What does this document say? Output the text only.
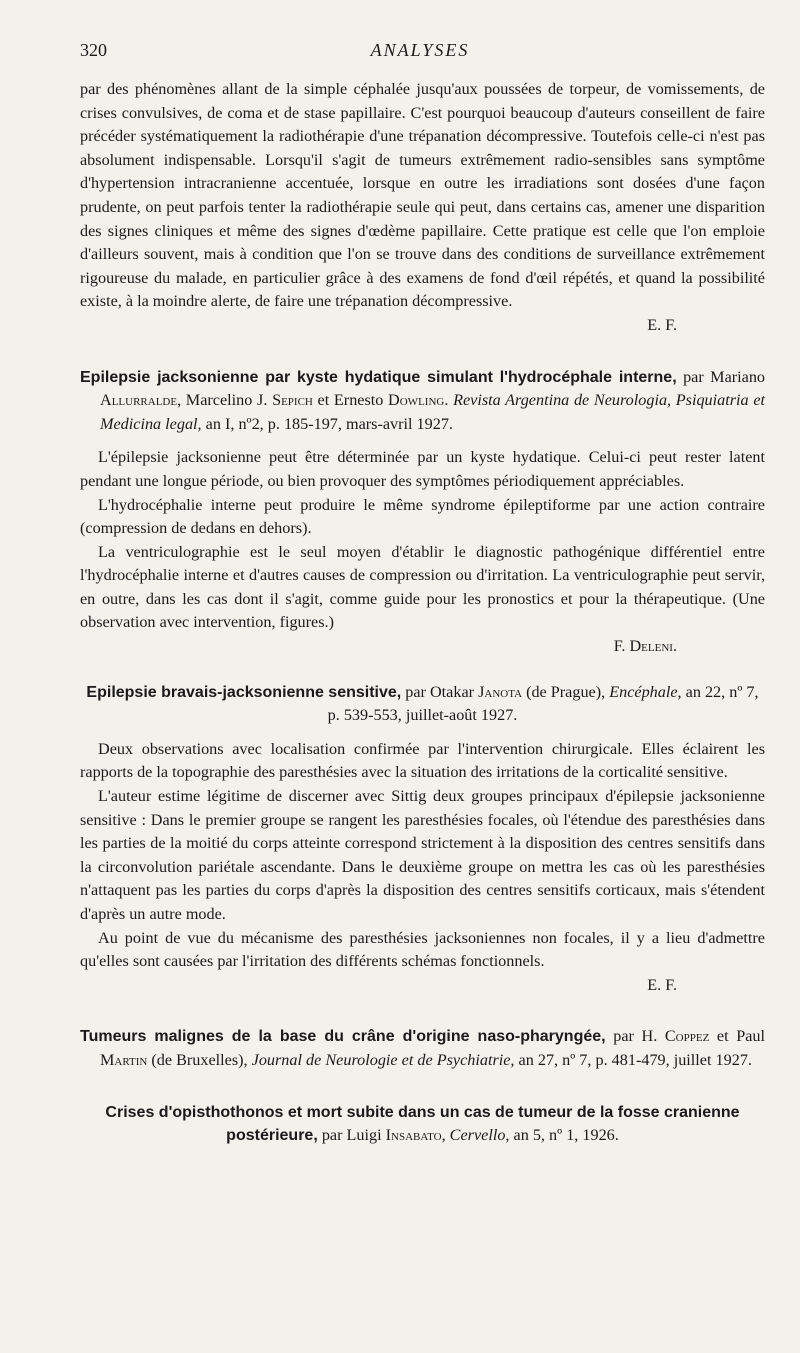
320	ANALYSES

par des phénomènes allant de la simple céphalée jusqu'aux poussées de torpeur, de vomissements, de crises convulsives, de coma et de stase papillaire. C'est pourquoi beaucoup d'auteurs conseillent de faire précéder systématiquement la radiothérapie d'une trépanation décompressive. Toutefois celle-ci n'est pas absolument indispensable. Lorsqu'il s'agit de tumeurs extrêmement radio-sensibles sans symptôme d'hypertension intracranienne accentuée, lorsque en outre les irradiations sont dosées d'une façon prudente, on peut parfois tenter la radiothérapie seule qui peut, dans certains cas, amener une disparition des signes cliniques et même des signes d'œdème papillaire. Cette pratique est celle que l'on emploie d'ailleurs souvent, mais à condition que l'on se trouve dans des conditions de surveillance extrêmement rigoureuse du malade, en particulier grâce à des examens de fond d'œil répétés, et quand la possibilité existe, à la moindre alerte, de faire une trépanation décompressive.

E. F.

Epilepsie jacksonienne par kyste hydatique simulant l'hydrocéphale interne, par Mariano Allurralde, Marcelino J. Sepich et Ernesto Dowling. Revista Argentina de Neurologia, Psiquiatria et Medicina legal, an I, nº2, p. 185-197, mars-avril 1927.

L'épilepsie jacksonienne peut être déterminée par un kyste hydatique. Celui-ci peut rester latent pendant une longue période, ou bien provoquer des symptômes périodiquement appréciables.

L'hydrocéphalie interne peut produire le même syndrome épileptiforme par une action contraire (compression de dedans en dehors).

La ventriculographie est le seul moyen d'établir le diagnostic pathogénique différentiel entre l'hydrocéphalie interne et d'autres causes de compression ou d'irritation. La ventriculographie peut servir, en outre, dans les cas dont il s'agit, comme guide pour les pronostics et pour la thérapeutique. (Une observation avec intervention, figures.)

F. Deleni.

Epilepsie bravais-jacksonienne sensitive, par Otakar Janota (de Prague), Encéphale, an 22, nº 7, p. 539-553, juillet-août 1927.

Deux observations avec localisation confirmée par l'intervention chirurgicale. Elles éclairent les rapports de la topographie des paresthésies avec la situation des irritations de la corticalité sensitive.

L'auteur estime légitime de discerner avec Sittig deux groupes principaux d'épilepsie jacksonienne sensitive : Dans le premier groupe se rangent les paresthésies focales, où l'étendue des paresthésies dans les parties de la moitié du corps atteinte correspond strictement à la disposition des centres sensitifs dans la circonvolution pariétale ascendante. Dans le deuxième groupe on mettra les cas où les paresthésies n'attaquent pas les parties du corps d'après la disposition des centres sensitifs corticaux, mais s'étendent d'après un autre mode.

Au point de vue du mécanisme des paresthésies jacksoniennes non focales, il y a lieu d'admettre qu'elles sont causées par l'irritation des différents schémas fonctionnels.

E. F.

Tumeurs malignes de la base du crâne d'origine naso-pharyngée, par H. Coppez et Paul Martin (de Bruxelles), Journal de Neurologie et de Psychiatrie, an 27, nº 7, p. 481-479, juillet 1927.

Crises d'opisthothonos et mort subite dans un cas de tumeur de la fosse cranienne postérieure, par Luigi Insabato, Cervello, an 5, nº 1, 1926.
